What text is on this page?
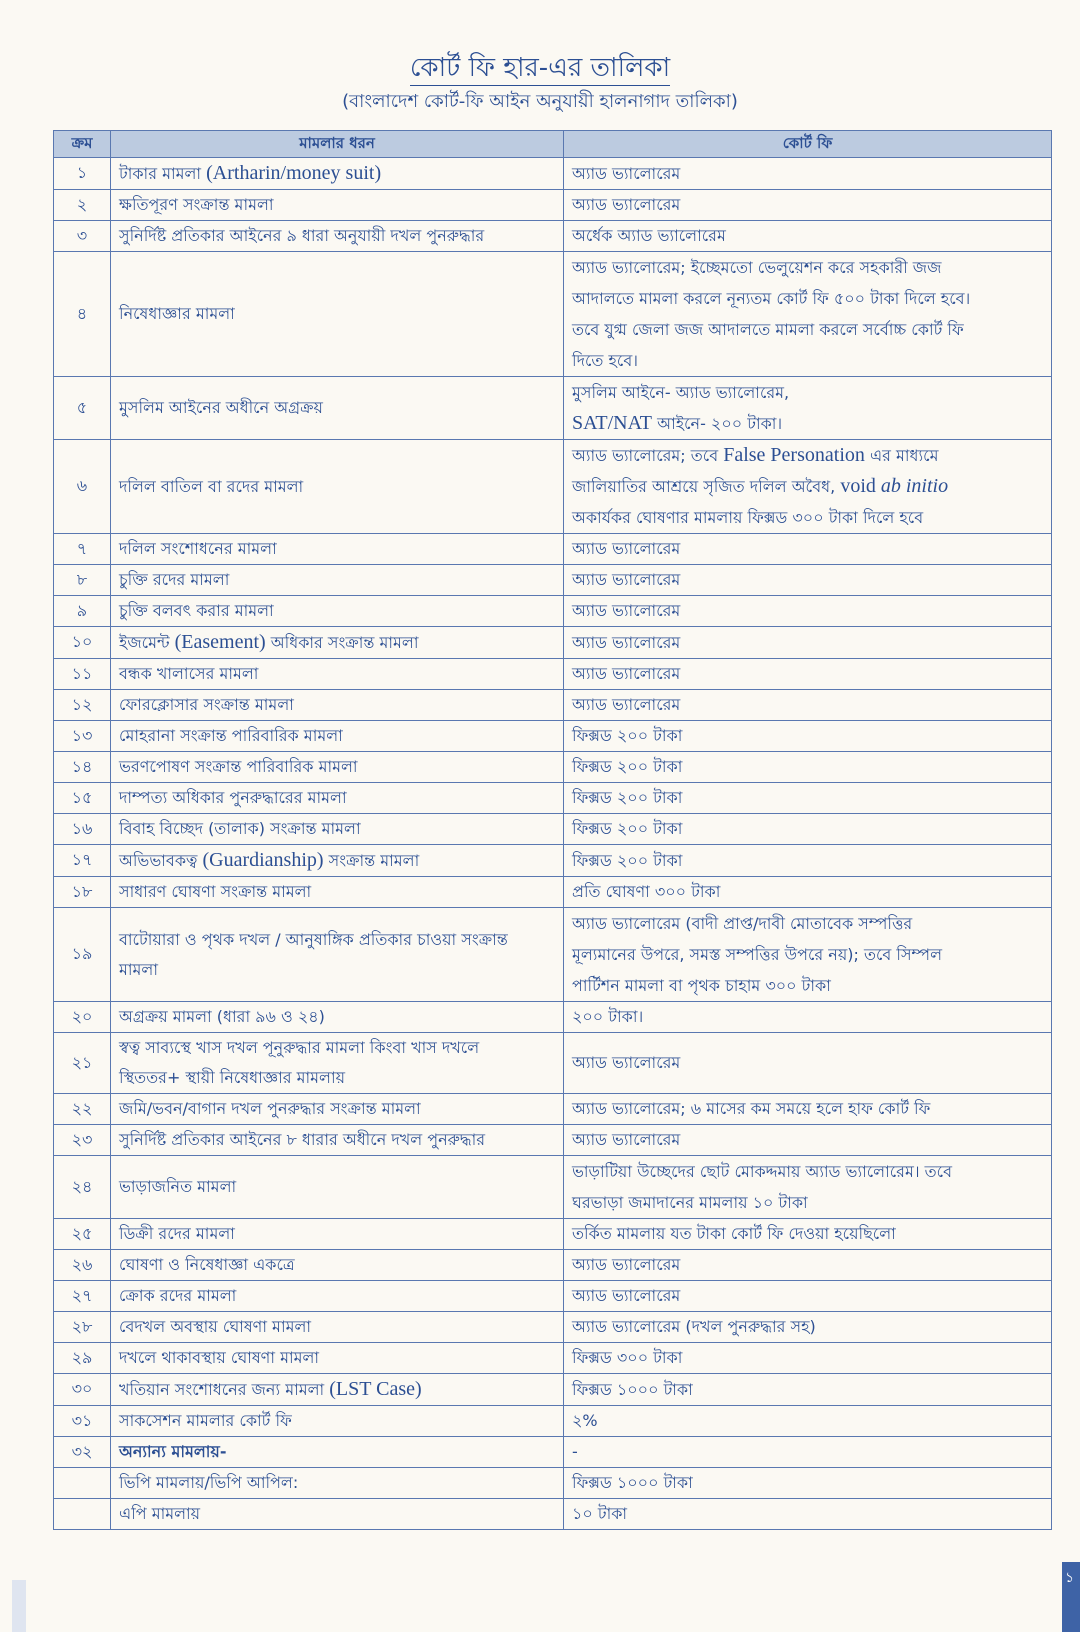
কোর্ট ফি হার-এর তালিকা
(বাংলাদেশ কোর্ট-ফি আইন অনুযায়ী হালনাগাদ তালিকা)
ক্রম	মামলার ধরন	কোর্ট ফি
১	টাকার মামলা (Artharin/money suit)	অ্যাড ভ্যালোরেম
২	ক্ষতিপূরণ সংক্রান্ত মামলা	অ্যাড ভ্যালোরেম
৩	সুনির্দিষ্ট প্রতিকার আইনের ৯ ধারা অনুযায়ী দখল পুনরুদ্ধার	অর্ধেক অ্যাড ভ্যালোরেম
৪	নিষেধাজ্ঞার মামলা	অ্যাড ভ্যালোরেম; ইচ্ছেমতো ভেলুয়েশন করে সহকারী জজ
আদালতে মামলা করলে নূন্যতম কোর্ট ফি ৫০০ টাকা দিলে হবে।
তবে যুগ্ম জেলা জজ আদালতে মামলা করলে সর্বোচ্চ কোর্ট ফি
দিতে হবে।

৫	মুসলিম আইনের অধীনে অগ্রক্রয়	মুসলিম আইনে- অ্যাড ভ্যালোরেম,
SAT/NAT আইনে- ২০০ টাকা।

৬	দলিল বাতিল বা রদের মামলা	অ্যাড ভ্যালোরেম; তবে False Personation এর মাধ্যমে
জালিয়াতির আশ্রয়ে সৃজিত দলিল অবৈধ, void ab initio
অকার্যকর ঘোষণার মামলায় ফিক্সড ৩০০ টাকা দিলে হবে

৭	দলিল সংশোধনের মামলা	অ্যাড ভ্যালোরেম
৮	চুক্তি রদের মামলা	অ্যাড ভ্যালোরেম
৯	চুক্তি বলবৎ করার মামলা	অ্যাড ভ্যালোরেম
১০	ইজমেন্ট (Easement) অধিকার সংক্রান্ত মামলা	অ্যাড ভ্যালোরেম
১১	বন্ধক খালাসের মামলা	অ্যাড ভ্যালোরেম
১২	ফোরক্লোসার সংক্রান্ত মামলা	অ্যাড ভ্যালোরেম
১৩	মোহরানা সংক্রান্ত পারিবারিক মামলা	ফিক্সড ২০০ টাকা
১৪	ভরণপোষণ সংক্রান্ত পারিবারিক মামলা	ফিক্সড ২০০ টাকা
১৫	দাম্পত্য অধিকার পুনরুদ্ধারের মামলা	ফিক্সড ২০০ টাকা
১৬	বিবাহ বিচ্ছেদ (তালাক) সংক্রান্ত মামলা	ফিক্সড ২০০ টাকা
১৭	অভিভাবকত্ব (Guardianship) সংক্রান্ত মামলা	ফিক্সড ২০০ টাকা
১৮	সাধারণ ঘোষণা সংক্রান্ত মামলা	প্রতি ঘোষণা ৩০০ টাকা
১৯	বাটোয়ারা ও পৃথক দখল / আনুষাঙ্গিক প্রতিকার চাওয়া সংক্রান্ত
মামলা	অ্যাড ভ্যালোরেম (বাদী প্রাপ্ত/দাবী মোতাবেক সম্পত্তির
মূল্যমানের উপরে, সমস্ত সম্পত্তির উপরে নয়); তবে সিম্পল
পার্টিশন মামলা বা পৃথক চাহাম ৩০০ টাকা

২০	অগ্রক্রয় মামলা (ধারা ৯৬ ও ২৪)	২০০ টাকা।
২১	স্বত্ব সাব্যস্থে খাস দখল পূনুরুদ্ধার মামলা কিংবা খাস দখলে
স্থিততর+ স্থায়ী নিষেধাজ্ঞার মামলায়	অ্যাড ভ্যালোরেম
২২	জমি/ভবন/বাগান দখল পুনরুদ্ধার সংক্রান্ত মামলা	অ্যাড ভ্যালোরেম; ৬ মাসের কম সময়ে হলে হাফ কোর্ট ফি
২৩	সুনির্দিষ্ট প্রতিকার আইনের ৮ ধারার অধীনে দখল পুনরুদ্ধার	অ্যাড ভ্যালোরেম
২৪	ভাড়াজনিত মামলা	ভাড়াটিয়া উচ্ছেদের ছোট মোকদ্দমায় অ্যাড ভ্যালোরেম। তবে
ঘরভাড়া জমাদানের মামলায় ১০ টাকা

২৫	ডিক্রী রদের মামলা	তর্কিত মামলায় যত টাকা কোর্ট ফি দেওয়া হয়েছিলো
২৬	ঘোষণা ও নিষেধাজ্ঞা একত্রে	অ্যাড ভ্যালোরেম
২৭	ক্রোক রদের মামলা	অ্যাড ভ্যালোরেম
২৮	বেদখল অবস্থায় ঘোষণা মামলা	অ্যাড ভ্যালোরেম (দখল পুনরুদ্ধার সহ)
২৯	দখলে থাকাবস্থায় ঘোষণা মামলা	ফিক্সড ৩০০ টাকা
৩০	খতিয়ান সংশোধনের জন্য মামলা (LST Case)	ফিক্সড ১০০০ টাকা
৩১	সাকসেশন মামলার কোর্ট ফি	২%
৩২	অন্যান্য মামলায়-	-
	ভিপি মামলায়/ভিপি আপিল:	ফিক্সড ১০০০ টাকা
	এপি মামলায়	১০ টাকা
১
